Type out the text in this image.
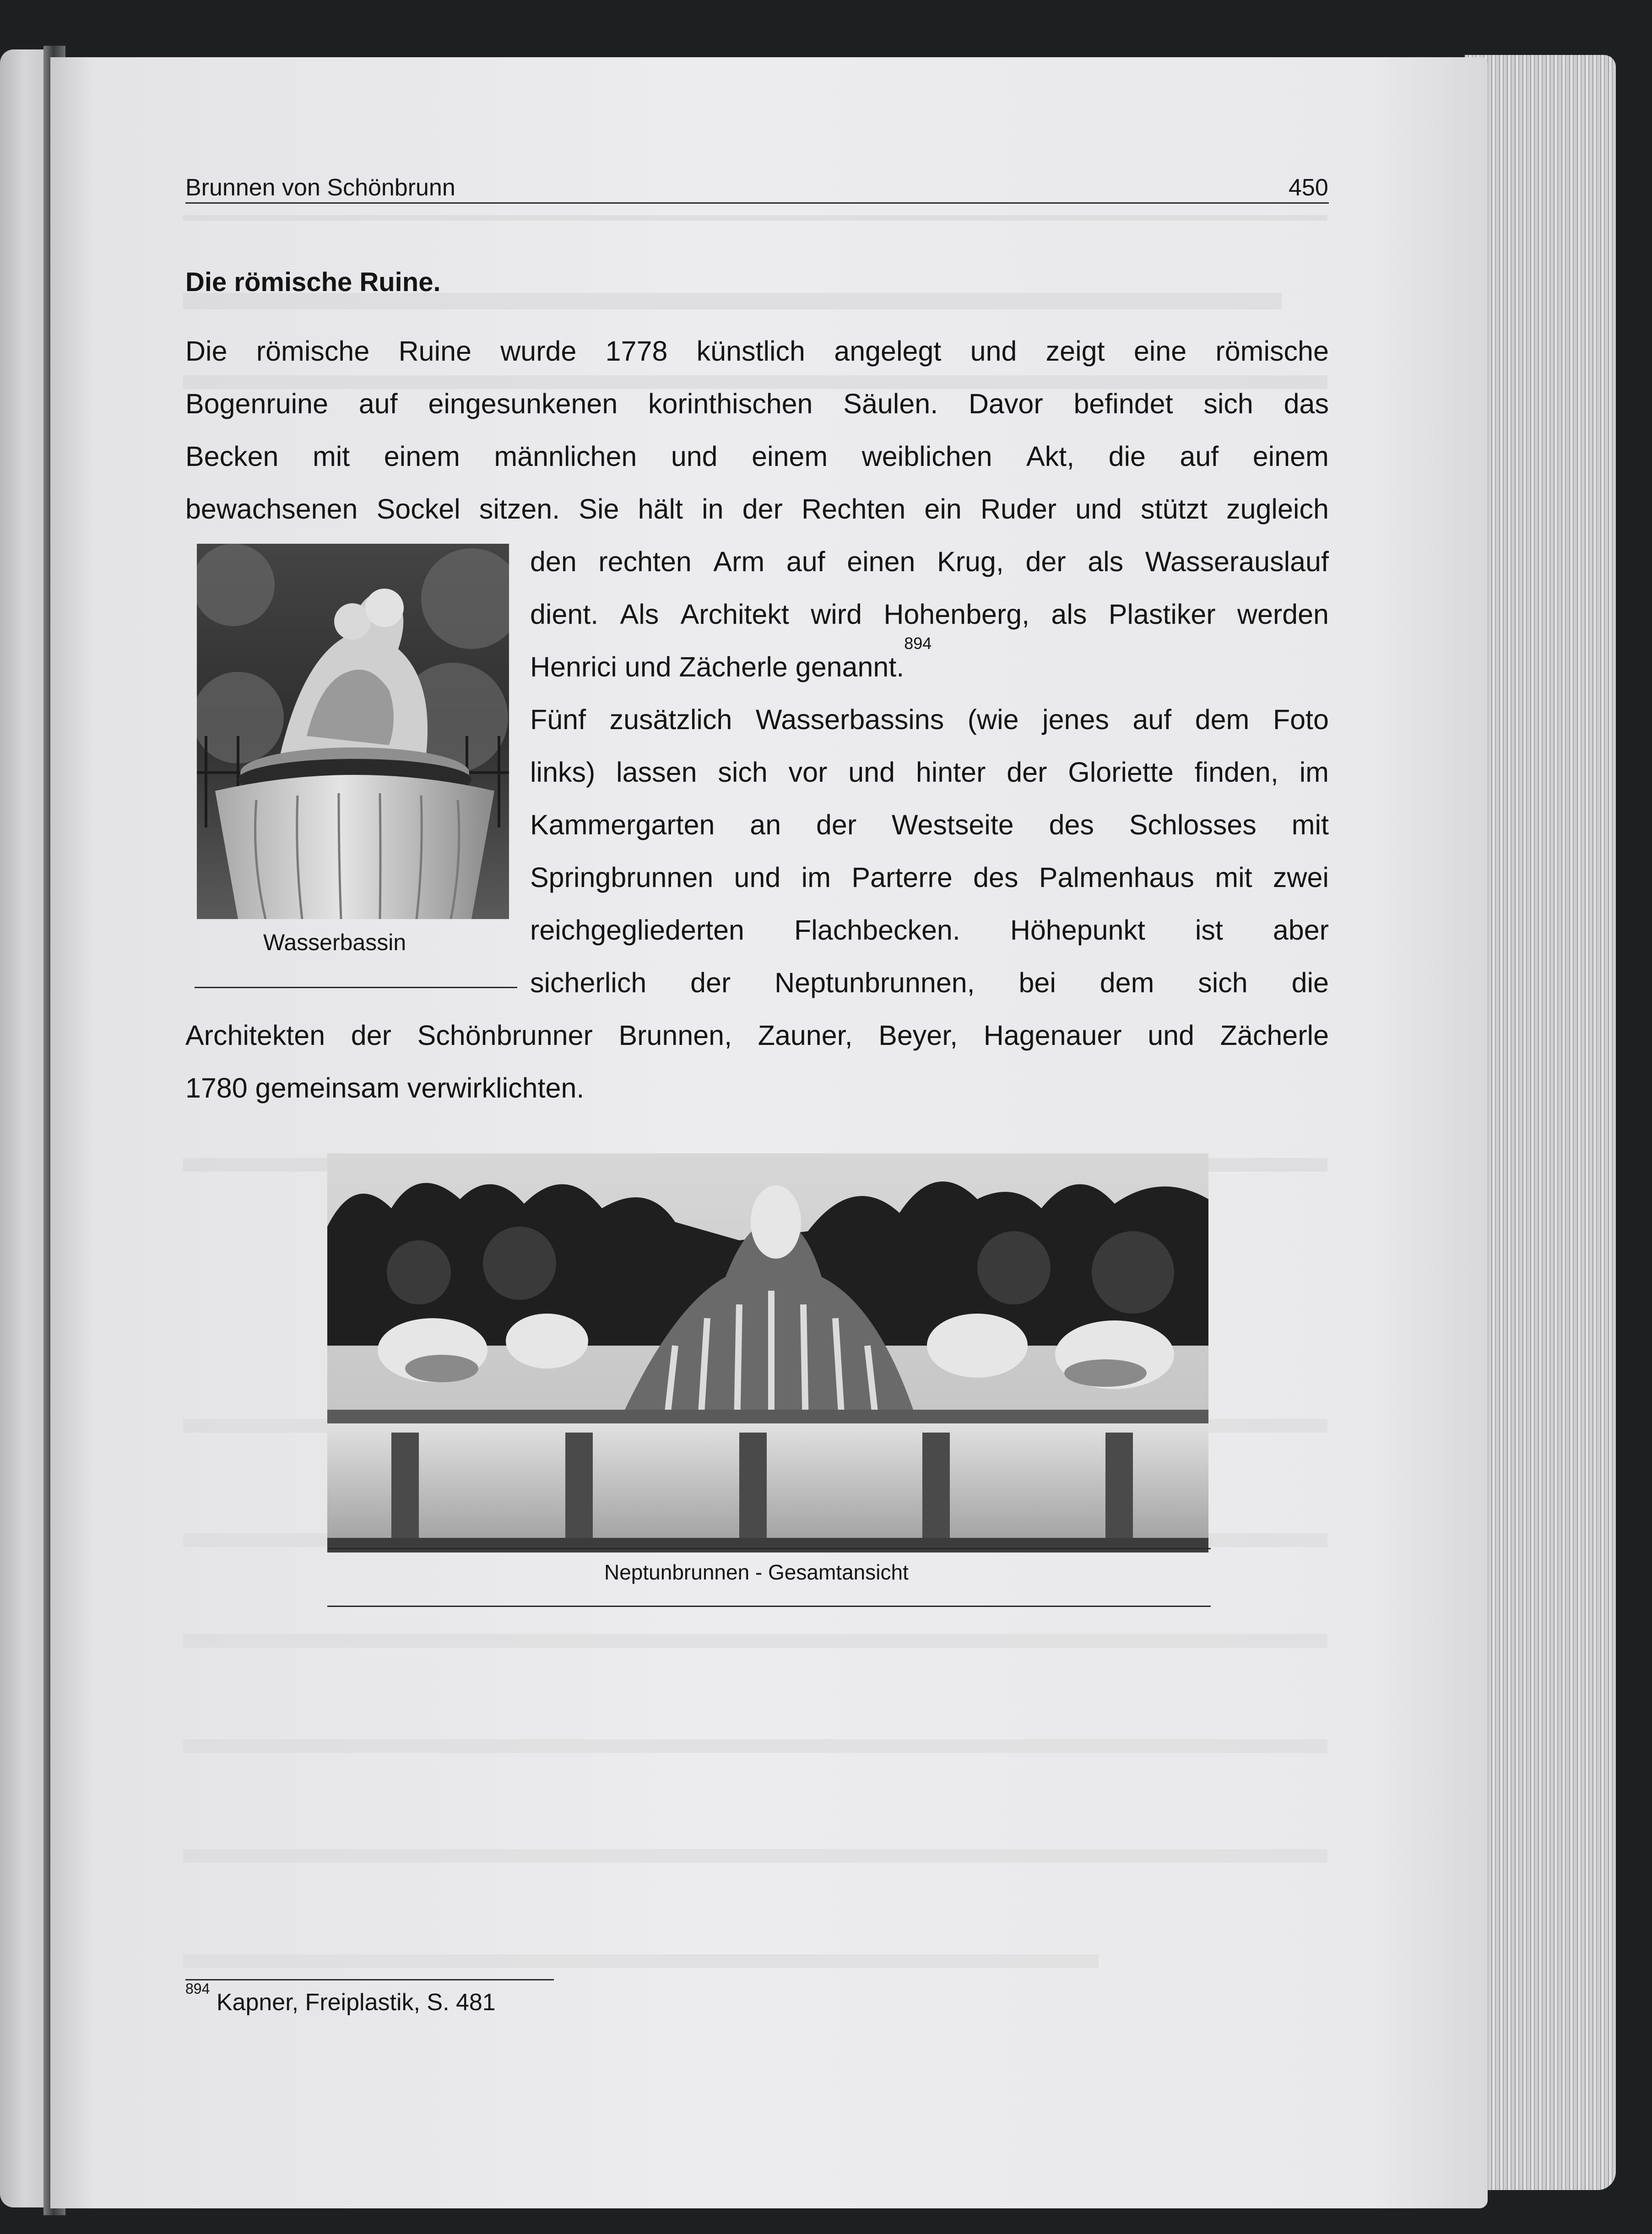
Brunnen von Schönbrunn	450
Die römische Ruine.
Die römische Ruine wurde 1778 künstlich angelegt und zeigt eine römische
Bogenruine auf eingesunkenen korinthischen Säulen. Davor befindet sich das
Becken mit einem männlichen und einem weiblichen Akt, die auf einem
bewachsenen Sockel sitzen. Sie hält in der Rechten ein Ruder und stützt zugleich
den rechten Arm auf einen Krug, der als Wasserauslauf
dient. Als Architekt wird Hohenberg, als Plastiker werden
Henrici und Zächerle genannt.
$^{894}$
Fünf zusätzlich Wasserbassins (wie jenes auf dem Foto
links) lassen sich vor und hinter der Gloriette finden, im
Kammergarten an der Westseite des Schlosses mit
Springbrunnen und im Parterre des Palmenhaus mit zwei
reichgegliederten Flachbecken. Höhepunkt ist aber
sicherlich der Neptunbrunnen, bei dem sich die
Architekten der Schönbrunner Brunnen, Zauner, Beyer, Hagenauer und Zächerle
1780 gemeinsam verwirklichten.
Wasserbassin
Neptunbrunnen - Gesamtansicht
$^{894}$ Kapner, Freiplastik, S. 481
